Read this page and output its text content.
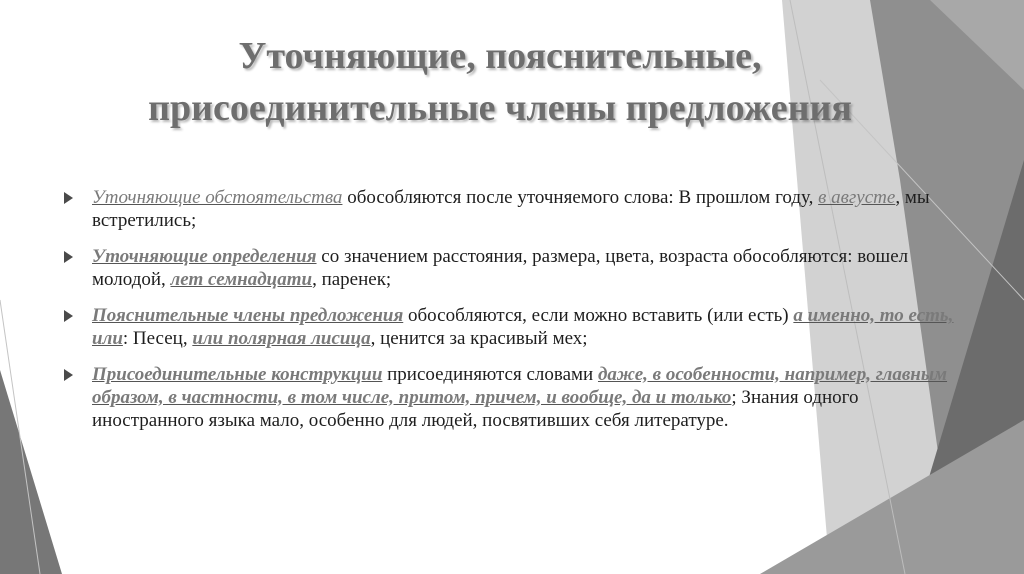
Уточняющие, пояснительные,
присоединительные члены предложения
Уточняющие обстоятельства обособляются после уточняемого слова: В прошлом году, в августе, мы встретились;
Уточняющие определения со значением расстояния, размера, цвета, возраста обособляются: вошел молодой, лет семнадцати, паренек;
Пояснительные члены предложения обособляются, если можно вставить (или есть) а именно, то есть, или: Песец, или полярная лисица, ценится за красивый мех;
Присоединительные конструкции присоединяются словами даже, в особенности, например, главным образом, в частности, в том числе, притом, причем, и вообще, да и только; Знания одного иностранного языка мало, особенно для людей, посвятивших себя литературе.
